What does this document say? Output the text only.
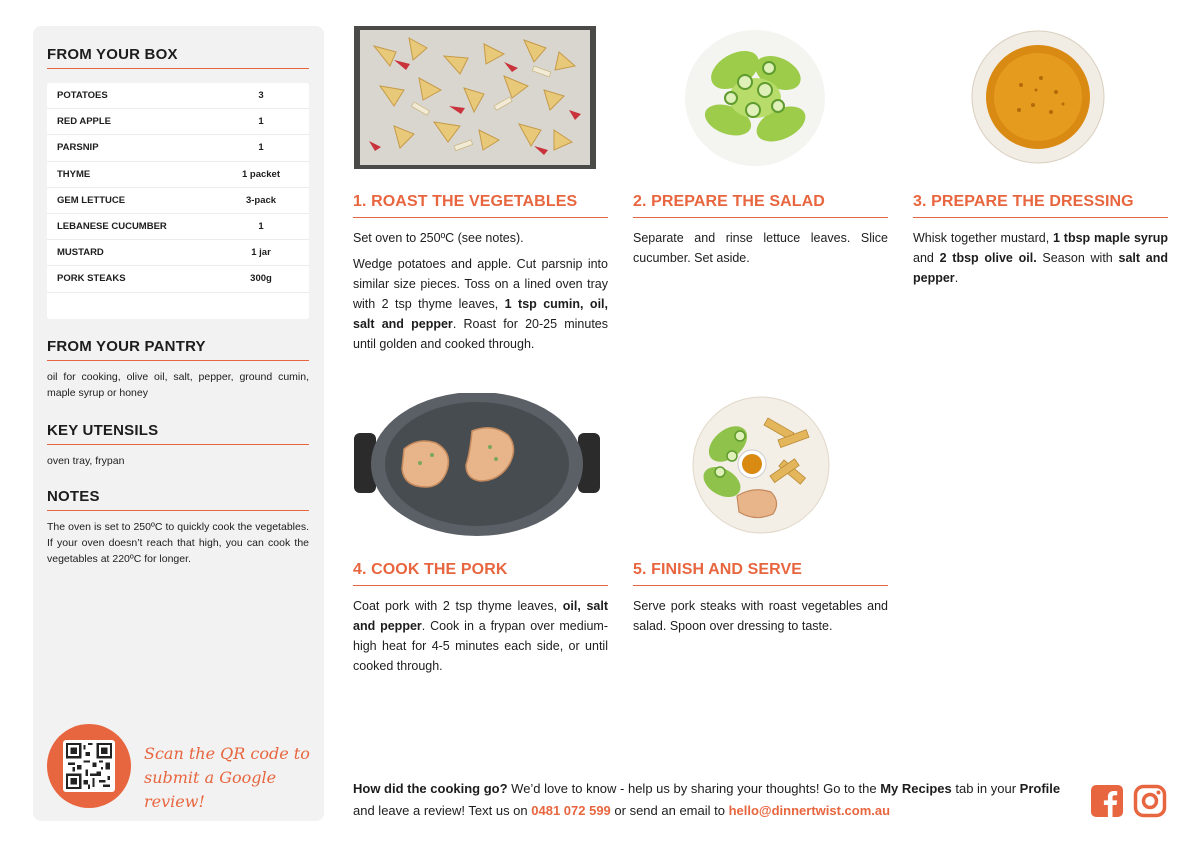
FROM YOUR BOX
POTATOES	3
RED APPLE	1
PARSNIP	1
THYME	1 packet
GEM LETTUCE	3-pack
LEBANESE CUCUMBER	1
MUSTARD	1 jar
PORK STEAKS	300g
FROM YOUR PANTRY
oil for cooking, olive oil, salt, pepper, ground cumin, maple syrup or honey
KEY UTENSILS
oven tray, frypan
NOTES
The oven is set to 250ºC to quickly cook the vegetables. If your oven doesn’t reach that high, you can cook the vegetables at 220ºC for longer.
Scan the QR code to
submit a Google review!
1. ROAST THE VEGETABLES

Set oven to 250ºC (see notes).

Wedge potatoes and apple. Cut parsnip into similar size pieces. Toss on a lined oven tray with 2 tsp thyme leaves, 1 tsp cumin, oil, salt and pepper. Roast for 20-25 minutes until golden and cooked through.

2. PREPARE THE SALAD

Separate and rinse lettuce leaves. Slice cucumber. Set aside.

3. PREPARE THE DRESSING

Whisk together mustard, 1 tbsp maple syrup and 2 tbsp olive oil. Season with salt and pepper.

4. COOK THE PORK

Coat pork with 2 tsp thyme leaves, oil, salt and pepper. Cook in a frypan over medium-high heat for 4-5 minutes each side, or until cooked through.

5. FINISH AND SERVE

Serve pork steaks with roast vegetables and salad. Spoon over dressing to taste.

How did the cooking go? We’d love to know - help us by sharing your thoughts! Go to the My Recipes tab in your Profile and leave a review! Text us on 0481 072 599 or send an email to hello@dinnertwist.com.au
